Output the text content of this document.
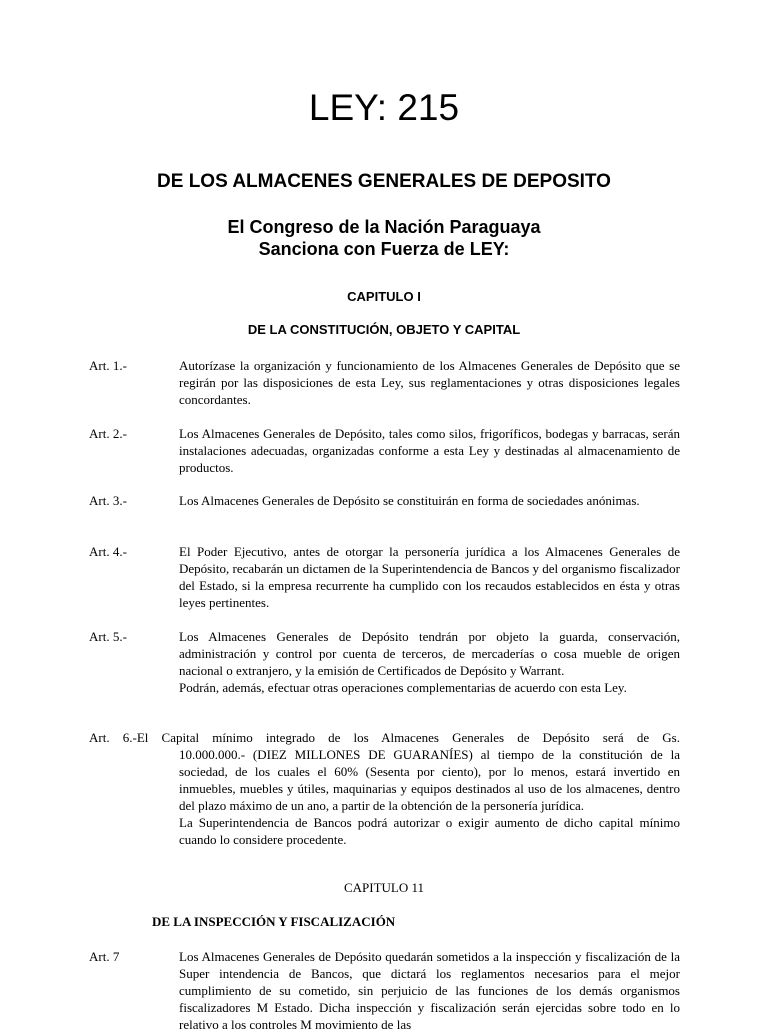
LEY: 215
DE LOS ALMACENES GENERALES DE DEPOSITO
El Congreso de la Nación Paraguaya
Sanciona con Fuerza de LEY:
CAPITULO I
DE LA CONSTITUCIÓN, OBJETO Y CAPITAL
Art. 1.-	Autorízase la organización y funcionamiento de los Almacenes Generales de Depósito que se regirán por las disposiciones de esta Ley, sus reglamentaciones y otras disposiciones legales concordantes.

Art. 2.-	Los Almacenes Generales de Depósito, tales como silos, frigoríficos, bodegas y barracas, serán instalaciones adecuadas, organizadas conforme a esta Ley y destinadas al almacenamiento de productos.

Art. 3.-	Los Almacenes Generales de Depósito se constituirán en forma de sociedades anónimas.

Art. 4.-	El Poder Ejecutivo, antes de otorgar la personería jurídica a los Almacenes Generales de Depósito, recabarán un dictamen de la Superintendencia de Bancos y del organismo fiscalizador del Estado, si la empresa recurrente ha cumplido con los recaudos establecidos en ésta y otras leyes pertinentes.

Art. 5.-	Los Almacenes Generales de Depósito tendrán por objeto la guarda, conservación, administración y control por cuenta de terceros, de mercaderías o cosa mueble de origen nacional o extranjero, y la emisión de Certificados de Depósito y Warrant.

Podrán, además, efectuar otras operaciones complementarias de acuerdo con esta Ley.

Art. 6.-El Capital mínimo integrado de los Almacenes Generales de Depósito será de Gs.

10.000.000.- (DIEZ MILLONES DE GUARANÍES) al tiempo de la constitución de la sociedad, de los cuales el 60% (Sesenta por ciento), por lo menos, estará invertido en inmuebles, muebles y útiles, maquinarias y equipos destinados al uso de los almacenes, dentro del plazo máximo de un ano, a partir de la obtención de la personería jurídica.

La Superintendencia de Bancos podrá autorizar o exigir aumento de dicho capital mínimo cuando lo considere procedente.

CAPITULO 11
DE LA INSPECCIÓN Y FISCALIZACIÓN
Art. 7	Los Almacenes Generales de Depósito quedarán sometidos a la inspección y fiscalización de la Super intendencia de Bancos, que dictará los reglamentos necesarios para el mejor cumplimiento de su cometido, sin perjuicio de las funciones de los demás organismos fiscalizadores M Estado. Dicha inspección y fiscalización serán ejercidas sobre todo en lo relativo a los controles M movimiento de las
